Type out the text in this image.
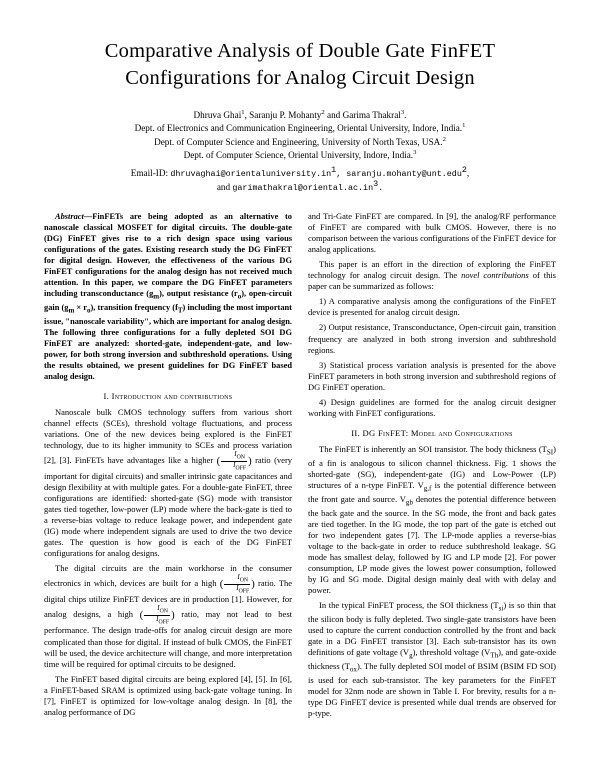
Comparative Analysis of Double Gate FinFET
Configurations for Analog Circuit Design
Dhruva Ghai$^1$, Saranju P. Mohanty$^2$ and Garima Thakral$^3$.
Dept. of Electronics and Communication Engineering, Oriental University, Indore, India.$^1$
Dept. of Computer Science and Engineering, University of North Texas, USA.$^2$
Dept. of Computer Science, Oriental University, Indore, India.$^3$
Email-ID: $dhruvaghai@orientaluniversity.in^1$, saranju.mohanty@unt.edu$^2$,
and $garimathakral@oriental.ac.in^3$.
Abstract—FinFETs are being adopted as an alternative to nanoscale classical MOSFET for digital circuits. The double-gate (DG) FinFET gives rise to a rich design space using various configurations of the gates. Existing research study the DG FinFET for digital design. However, the effectiveness of the various DG FinFET configurations for the analog design has not received much attention. In this paper, we compare the DG FinFET parameters including transconductance $(g_m)$, output resistance $(r_o)$, open-circuit gain $(g_m \times r_o)$, transition frequency $(f_T)$ including the most important issue, "nanoscale variability", which are important for analog design. The following three configurations for a fully depleted SOI DG FinFET are analyzed: shorted-gate, independent-gate, and low-power, for both strong inversion and subthreshold operations. Using the results obtained, we present guidelines for DG FinFET based analog design.
I. Introduction and contributions

Nanoscale bulk CMOS technology suffers from various short channel effects (SCEs), threshold voltage fluctuations, and process variations. One of the new devices being explored is the FinFET technology, due to its higher immunity to SCEs and process variation [2], [3]. FinFETs have advantages like a higher ( $\frac{I_{ON}}{I_{OFF}}$ ) ratio (very important for digital circuits) and smaller intrinsic gate capacitances and design flexibility at with multiple gates. For a double-gate FinFET, three configurations are identified: shorted-gate (SG) mode with transistor gates tied together, low-power (LP) mode where the back-gate is tied to a reverse-bias voltage to reduce leakage power, and independent gate (IG) mode where independent signals are used to drive the two device gates. The question is how good is each of the DG FinFET configurations for analog designs.

The digital circuits are the main workhorse in the consumer electronics in which, devices are built for a high ( $\frac{I_{ON}}{I_{OFF}}$ ) ratio. The digital chips utilize FinFET devices are in production [1]. However, for analog designs, a high ( $\frac{I_{ON}}{I_{OFF}}$ ) ratio, may not lead to best performance. The design trade-offs for analog circuit design are more complicated than those for digital. If instead of bulk CMOS, the FinFET will be used, the device architecture will change, and more interpretation time will be required for optimal circuits to be designed.

The FinFET based digital circuits are being explored [4], [5]. In [6], a FinFET-based SRAM is optimized using back-gate voltage tuning. In [7], FinFET is optimized for low-voltage analog design. In [8], the analog performance of DG

and Tri-Gate FinFET are compared. In [9], the analog/RF performance of FinFET are compared with bulk CMOS. However, there is no comparison between the various configurations of the FinFET device for analog applications.

This paper is an effort in the direction of exploring the FinFET technology for analog circuit design. The novel contributions of this paper can be summarized as follows:

1) A comparative analysis among the configurations of the FinFET device is presented for analog circuit design.

2) Output resistance, Transconductance, Open-circuit gain, transition frequency are analyzed in both strong inversion and subthreshold regions.

3) Statistical process variation analysis is presented for the above FinFET parameters in both strong inversion and subthreshold regions of DG FinFET operation.

4) Design guidelines are formed for the analog circuit designer working with FinFET configurations.

II. DG FinFET: Model and Configurations

The FinFET is inherently an SOI transistor. The body thickness $(T_{SI})$ of a fin is analogous to silicon channel thickness. Fig. 1 shows the shorted-gate (SG), independent-gate (IG) and Low-Power (LP) structures of a n-type FinFET. $V_{g,f}$ is the potential difference between the front gate and source. $V_{gb}$ denotes the potential difference between the back gate and the source. In the SG mode, the front and back gates are tied together. In the IG mode, the top part of the gate is etched out for two independent gates [7]. The LP-mode applies a reverse-bias voltage to the back-gate in order to reduce subthreshold leakage. SG mode has smallest delay, followed by IG and LP mode [2]. For power consumption, LP mode gives the lowest power consumption, followed by IG and SG mode. Digital design mainly deal with with delay and power.

In the typical FinFET process, the SOI thickness $(T_{si})$ is so thin that the silicon body is fully depleted. Two single-gate transistors have been used to capture the current conduction controlled by the front and back gate in a DG FinFET transistor [3]. Each sub-transistor has its own definitions of gate voltage $(V_g)$, threshold voltage $(V_{Th})$, and gate-oxide thickness $(T_{ox})$. The fully depleted SOI model of BSIM (BSIM FD SOI) is used for each sub-transistor. The key parameters for the FinFET model for 32nm node are shown in Table I. For brevity, results for a n-type DG FinFET device is presented while dual trends are observed for p-type.
